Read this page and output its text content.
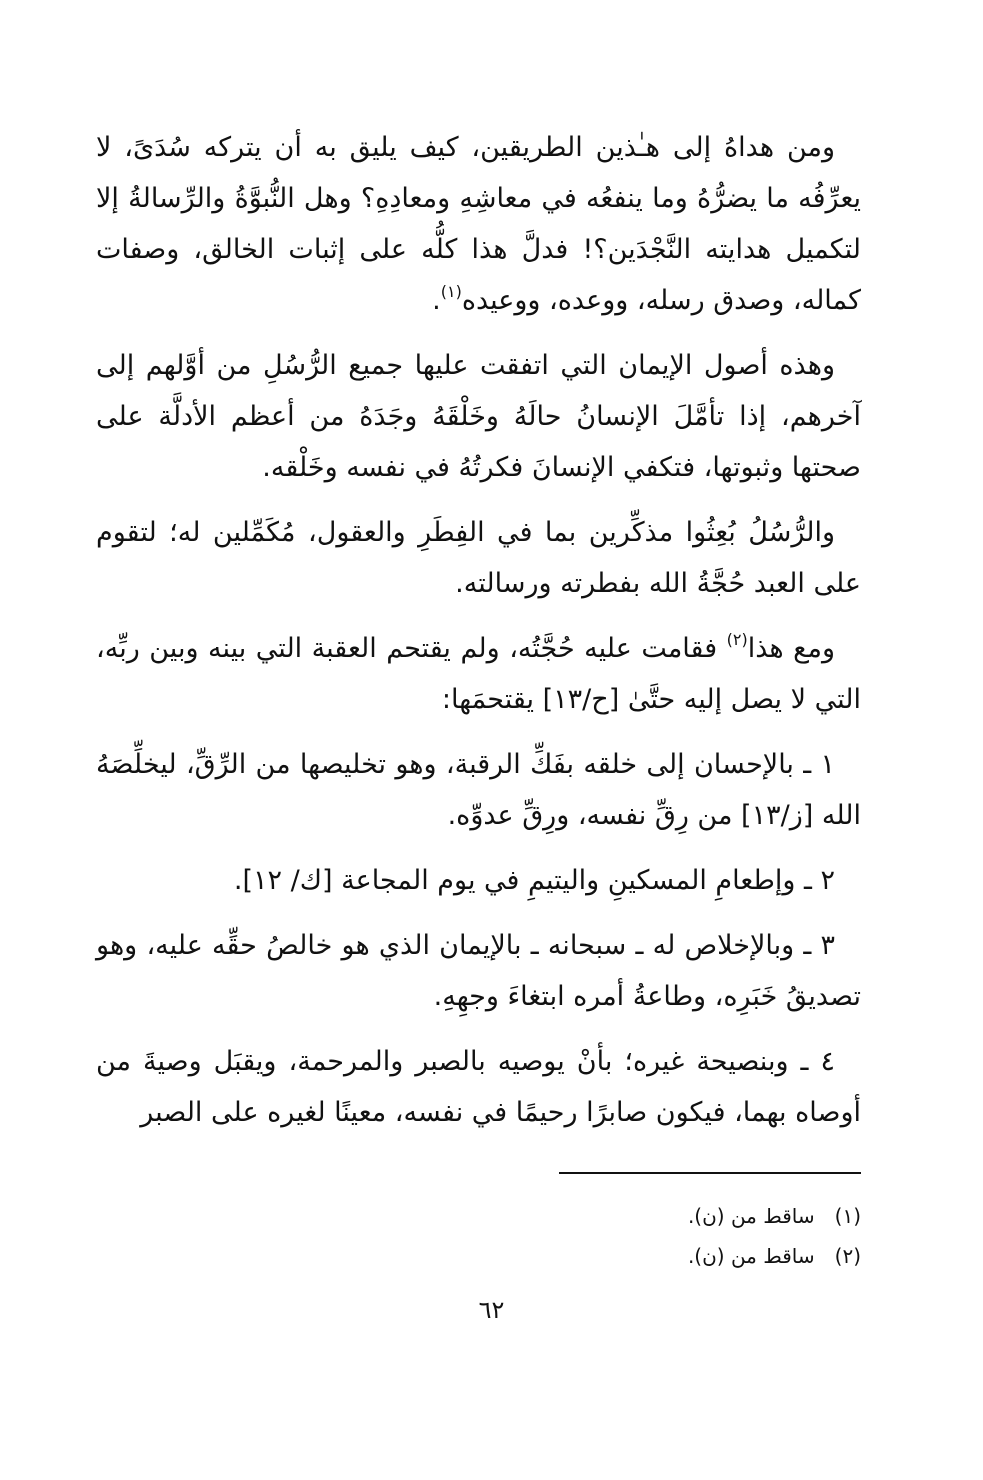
ومن هداهُ إلى هـٰذين الطريقين، كيف يليق به أن يتركه سُدَىً، لا يعرِّفُه ما يضرُّهُ وما ينفعُه في معاشِهِ ومعادِهِ؟ وهل النُّبوَّةُ والرِّسالةُ إلا لتكميل هدايته النَّجْدَين؟! فدلَّ هذا كلُّه على إثبات الخالق، وصفات كماله، وصدق رسله، ووعده، ووعيده$^{(١)}$.

وهذه أصول الإيمان التي اتفقت عليها جميع الرُّسُلِ من أوَّلهم إلى آخرهم، إذا تأمَّلَ الإنسانُ حالَهُ وخَلْقَهُ وجَدَهُ من أعظم الأدلَّة على صحتها وثبوتها، فتكفي الإنسانَ فكرتُهُ في نفسه وخَلْقه.

والرُّسُلُ بُعِثُوا مذكِّرين بما في الفِطَرِ والعقول، مُكَمِّلين له؛ لتقوم على العبد حُجَّةُ الله بفطرته ورسالته.

ومع هذا$^{(٢)}$ فقامت عليه حُجَّتُه، ولم يقتحم العقبة التي بينه وبين ربِّه، التي لا يصل إليه حتَّىٰ [ح/١٣] يقتحمَها:

١ ـ بالإحسان إلى خلقه بفَكِّ الرقبة، وهو تخليصها من الرِّقِّ، ليخلِّصَهُ الله [ز/١٣] من رِقِّ نفسه، ورِقِّ عدوِّه.

٢ ـ وإطعامِ المسكينِ واليتيمِ في يوم المجاعة [ك/ ١٢].

٣ ـ وبالإخلاص له ـ سبحانه ـ بالإيمان الذي هو خالصُ حقِّه عليه، وهو تصديقُ خَبَرِه، وطاعةُ أمره ابتغاءَ وجهِهِ.

٤ ـ وبنصيحة غيره؛ بأنْ يوصيه بالصبر والمرحمة، ويقبَل وصيةَ من أوصاه بهما، فيكون صابرًا رحيمًا في نفسه، معينًا لغيره على الصبر

(١) ساقط من (ن).
(٢) ساقط من (ن).
٦٢
